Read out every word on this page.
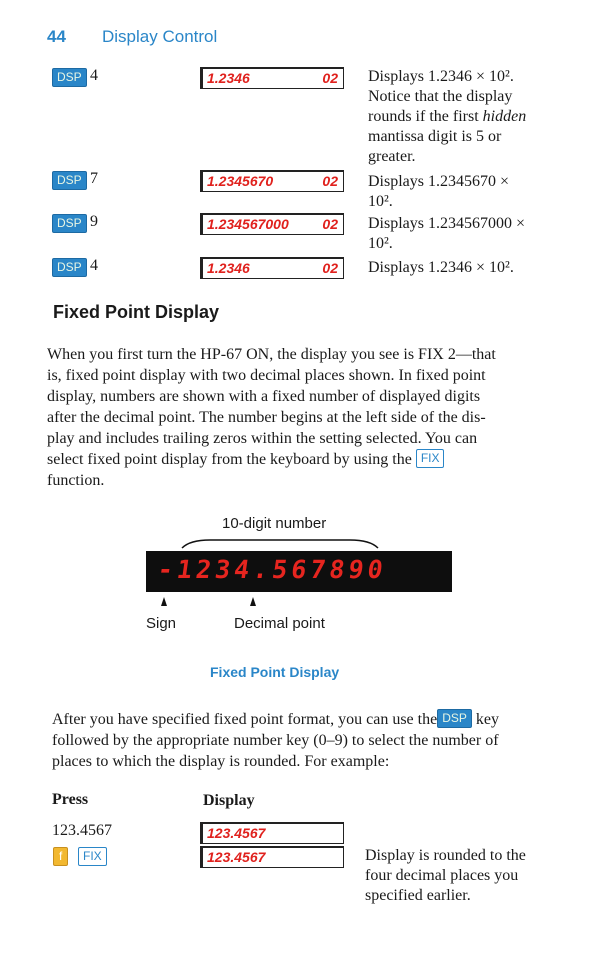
44 Display Control
DSP 4	1.2346	02 Displays 1.2346 × 10².
Notice that the display
rounds if the first hidden
mantissa digit is 5 or
greater.
DSP 7	1.2345670	02 Displays 1.2345670 ×
10².
DSP 9	1.234567000 02 Displays 1.234567000 ×
10².
DSP 4	1.2346	02 Displays 1.2346 × 10².
Fixed Point Display
When you first turn the HP-67 ON, the display you see is FIX 2—that
is, fixed point display with two decimal places shown. In fixed point
display, numbers are shown with a fixed number of displayed digits
after the decimal point. The number begins at the left side of the dis-
play and includes trailing zeros within the setting selected. You can
select fixed point display from the keyboard by using the FIX
function.
10-digit number
-1234.567890
Sign	Decimal point
Fixed Point Display
After you have specified fixed point format, you can use the DSP key
followed by the appropriate number key (0–9) to select the number of
places to which the display is rounded. For example:
Press	Display
123.4567	123.4567
f	FIX	123.4567	Display is rounded to the
four decimal places you
specified earlier.
